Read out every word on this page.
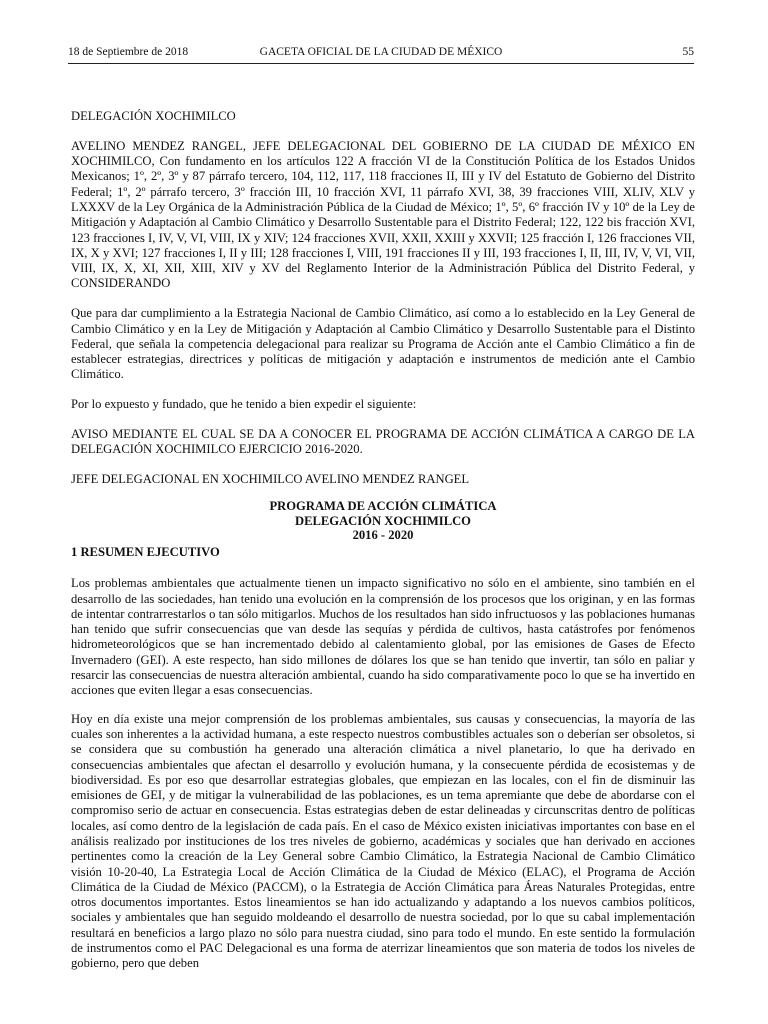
18 de Septiembre de 2018	GACETA OFICIAL DE LA CIUDAD DE MÉXICO	55

DELEGACIÓN XOCHIMILCO

AVELINO MENDEZ RANGEL, JEFE DELEGACIONAL DEL GOBIERNO DE LA CIUDAD DE MÉXICO EN XOCHIMILCO, Con fundamento en los artículos 122 A fracción VI de la Constitución Política de los Estados Unidos Mexicanos; 1º, 2º, 3º y 87 párrafo tercero, 104, 112, 117, 118 fracciones II, III y IV del Estatuto de Gobierno del Distrito Federal; 1º, 2º párrafo tercero, 3º fracción III, 10 fracción XVI, 11 párrafo XVI, 38, 39 fracciones VIII, XLIV, XLV y LXXXV de la Ley Orgánica de la Administración Pública de la Ciudad de México; 1º, 5º, 6º fracción IV y 10º de la Ley de Mitigación y Adaptación al Cambio Climático y Desarrollo Sustentable para el Distrito Federal; 122, 122 bis fracción XVI, 123 fracciones I, IV, V, VI, VIII, IX y XIV; 124 fracciones XVII, XXII, XXIII y XXVII; 125 fracción I, 126 fracciones VII, IX, X y XVI; 127 fracciones I, II y III; 128 fracciones I, VIII, 191 fracciones II y III, 193 fracciones I, II, III, IV, V, VI, VII, VIII, IX, X, XI, XII, XIII, XIV y XV del Reglamento Interior de la Administración Pública del Distrito Federal, y CONSIDERANDO

Que para dar cumplimiento a la Estrategia Nacional de Cambio Climático, así como a lo establecido en la Ley General de Cambio Climático y en la Ley de Mitigación y Adaptación al Cambio Climático y Desarrollo Sustentable para el Distinto Federal, que señala la competencia delegacional para realizar su Programa de Acción ante el Cambio Climático a fin de establecer estrategias, directrices y políticas de mitigación y adaptación e instrumentos de medición ante el Cambio Climático.

Por lo expuesto y fundado, que he tenido a bien expedir el siguiente:

AVISO MEDIANTE EL CUAL SE DA A CONOCER EL PROGRAMA DE ACCIÓN CLIMÁTICA A CARGO DE LA DELEGACIÓN XOCHIMILCO EJERCICIO 2016-2020.

JEFE DELEGACIONAL EN XOCHIMILCO AVELINO MENDEZ RANGEL

PROGRAMA DE ACCIÓN CLIMÁTICA
DELEGACIÓN XOCHIMILCO
2016 - 2020
1 RESUMEN EJECUTIVO

Los problemas ambientales que actualmente tienen un impacto significativo no sólo en el ambiente, sino también en el desarrollo de las sociedades, han tenido una evolución en la comprensión de los procesos que los originan, y en las formas de intentar contrarrestarlos o tan sólo mitigarlos. Muchos de los resultados han sido infructuosos y las poblaciones humanas han tenido que sufrir consecuencias que van desde las sequías y pérdida de cultivos, hasta catástrofes por fenómenos hidrometeorológicos que se han incrementado debido al calentamiento global, por las emisiones de Gases de Efecto Invernadero (GEI). A este respecto, han sido millones de dólares los que se han tenido que invertir, tan sólo en paliar y resarcir las consecuencias de nuestra alteración ambiental, cuando ha sido comparativamente poco lo que se ha invertido en acciones que eviten llegar a esas consecuencias.

Hoy en día existe una mejor comprensión de los problemas ambientales, sus causas y consecuencias, la mayoría de las cuales son inherentes a la actividad humana, a este respecto nuestros combustibles actuales son o deberían ser obsoletos, si se considera que su combustión ha generado una alteración climática a nivel planetario, lo que ha derivado en consecuencias ambientales que afectan el desarrollo y evolución humana, y la consecuente pérdida de ecosistemas y de biodiversidad. Es por eso que desarrollar estrategias globales, que empiezan en las locales, con el fin de disminuir las emisiones de GEI, y de mitigar la vulnerabilidad de las poblaciones, es un tema apremiante que debe de abordarse con el compromiso serio de actuar en consecuencia. Estas estrategias deben de estar delineadas y circunscritas dentro de políticas locales, así como dentro de la legislación de cada país. En el caso de México existen iniciativas importantes con base en el análisis realizado por instituciones de los tres niveles de gobierno, académicas y sociales que han derivado en acciones pertinentes como la creación de la Ley General sobre Cambio Climático, la Estrategia Nacional de Cambio Climático visión 10-20-40, La Estrategia Local de Acción Climática de la Ciudad de México (ELAC), el Programa de Acción Climática de la Ciudad de México (PACCM), o la Estrategia de Acción Climática para Áreas Naturales Protegidas, entre otros documentos importantes. Estos lineamientos se han ido actualizando y adaptando a los nuevos cambios políticos, sociales y ambientales que han seguido moldeando el desarrollo de nuestra sociedad, por lo que su cabal implementación resultará en beneficios a largo plazo no sólo para nuestra ciudad, sino para todo el mundo. En este sentido la formulación de instrumentos como el PAC Delegacional es una forma de aterrizar lineamientos que son materia de todos los niveles de gobierno, pero que deben
